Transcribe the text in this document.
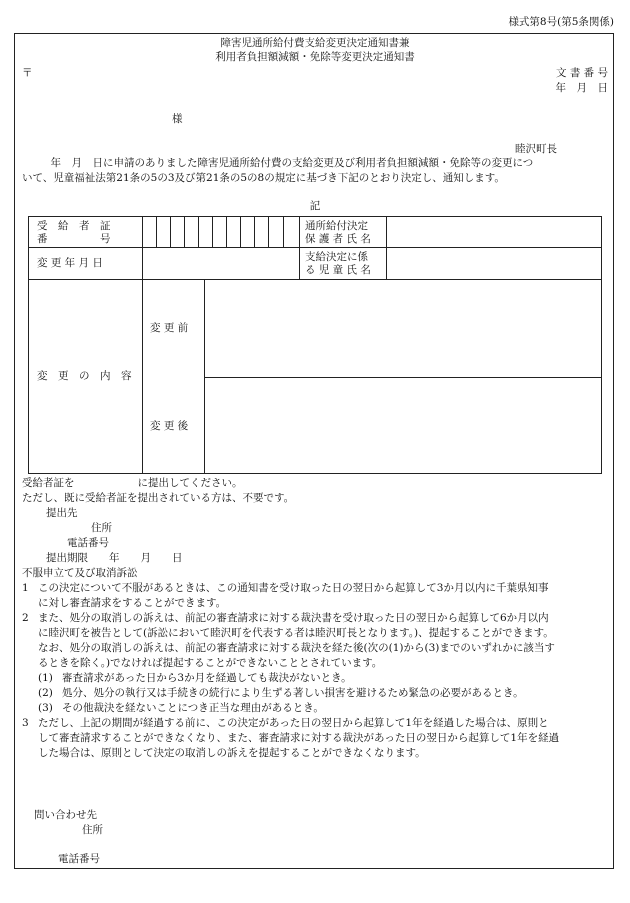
様式第8号(第5条関係)
障害児通所給付費支給変更決定通知書兼
利用者負担額減額・免除等変更決定通知書
〒	文 書 番 号
年　月　日
様
睦沢町長
　年　月　日に申請のありました障害児通所給付費の支給変更及び利用者負担額減額・免除等の変更につ
いて、児童福祉法第21条の5の3及び第21条の5の8の規定に基づき下記のとおり決定し、通知します。
記
受　給　者　証
番　　　　　号
通所給付決定
保 護 者 氏 名
変 更 年 月 日	支給決定に係
る 児 童 氏 名
変　更　の　内　容
変 更 前
変 更 後
受給者証を　　　　　　に提出してください。
ただし、既に受給者証を提出されている方は、不要です。
提出先
住所
電話番号
提出期限　　年　　月　　日
不服申立て及び取消訴訟
1 この決定について不服があるときは、この通知書を受け取った日の翌日から起算して3か月以内に千葉県知事
に対し審査請求をすることができます。
2 また、処分の取消しの訴えは、前記の審査請求に対する裁決書を受け取った日の翌日から起算して6か月以内
に睦沢町を被告として(訴訟において睦沢町を代表する者は睦沢町長となります。)、提起することができます。
なお、処分の取消しの訴えは、前記の審査請求に対する裁決を経た後(次の(1)から(3)までのいずれかに該当す
るときを除く。)でなければ提起することができないこととされています。
(1) 審査請求があった日から3か月を経過しても裁決がないとき。
(2) 処分、処分の執行又は手続きの続行により生ずる著しい損害を避けるため緊急の必要があるとき。
(3) その他裁決を経ないことにつき正当な理由があるとき。
3 ただし、上記の期間が経過する前に、この決定があった日の翌日から起算して1年を経過した場合は、原則と
して審査請求することができなくなり、また、審査請求に対する裁決があった日の翌日から起算して1年を経過
した場合は、原則として決定の取消しの訴えを提起することができなくなります。
問い合わせ先
住所
電話番号
